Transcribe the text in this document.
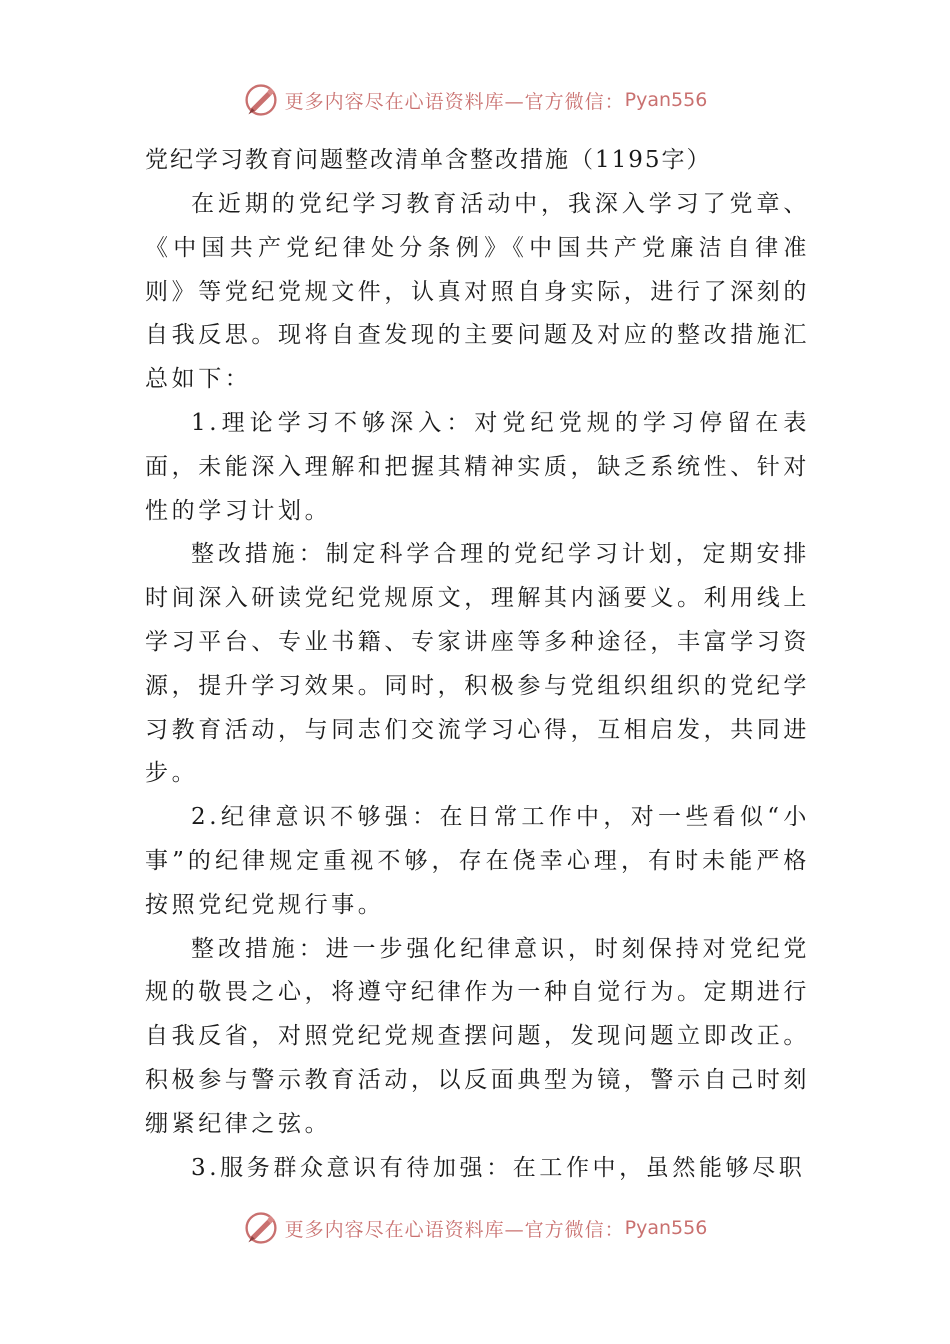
更多内容尽在心语资料库—官方微信： Pyan556
党纪学习教育问题整改清单含整改措施（1195字）

在近期的党纪学习教育活动中，我深入学习了党章、《中国共产党纪律处分条例》《中国共产党廉洁自律准则》等党纪党规文件，认真对照自身实际，进行了深刻的自我反思。现将自查发现的主要问题及对应的整改措施汇总如下：

1.理论学习不够深入：对党纪党规的学习停留在表面，未能深入理解和把握其精神实质，缺乏系统性、针对性的学习计划。

整改措施：制定科学合理的党纪学习计划，定期安排时间深入研读党纪党规原文，理解其内涵要义。利用线上学习平台、专业书籍、专家讲座等多种途径，丰富学习资源，提升学习效果。同时，积极参与党组织组织的党纪学习教育活动，与同志们交流学习心得，互相启发，共同进步。

2.纪律意识不够强：在日常工作中，对一些看似“小事”的纪律规定重视不够，存在侥幸心理，有时未能严格按照党纪党规行事。

整改措施：进一步强化纪律意识，时刻保持对党纪党规的敬畏之心，将遵守纪律作为一种自觉行为。定期进行自我反省，对照党纪党规查摆问题，发现问题立即改正。积极参与警示教育活动，以反面典型为镜，警示自己时刻绷紧纪律之弦。

3.服务群众意识有待加强：在工作中，虽然能够尽职

更多内容尽在心语资料库—官方微信： Pyan556
